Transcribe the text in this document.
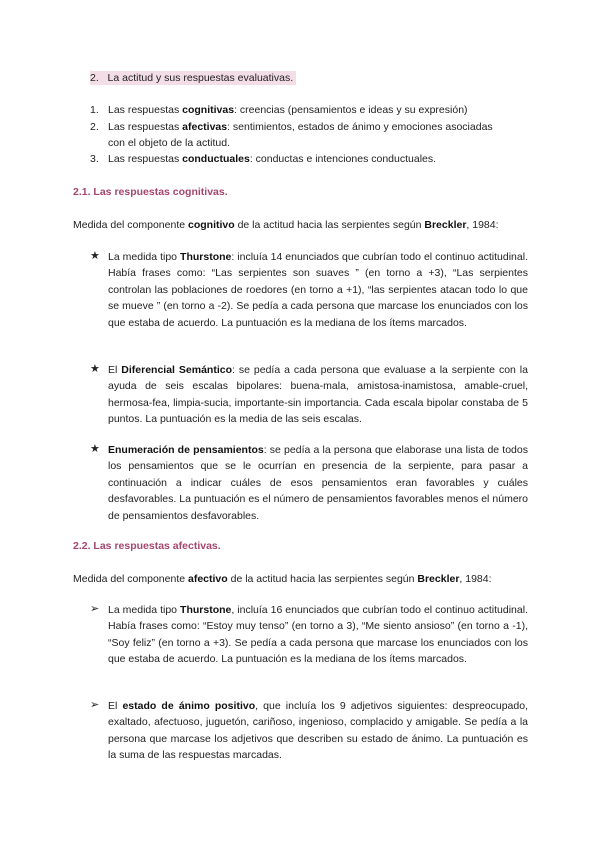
2. La actitud y sus respuestas evaluativas.
1. Las respuestas cognitivas: creencias (pensamientos e ideas y su expresión)
2. Las respuestas afectivas: sentimientos, estados de ánimo y emociones asociadas
con el objeto de la actitud.
3. Las respuestas conductuales: conductas e intenciones conductuales.
2.1. Las respuestas cognitivas.
Medida del componente cognitivo de la actitud hacia las serpientes según Breckler, 1984:
★ La medida tipo Thurstone: incluía 14 enunciados que cubrían todo el continuo actitudinal. Había frases como: “Las serpientes son suaves ” (en torno a +3), “Las serpientes controlan las poblaciones de roedores (en torno a +1), “las serpientes atacan todo lo que se mueve ” (en torno a -2). Se pedía a cada persona que marcase los enunciados con los que estaba de acuerdo. La puntuación es la mediana de los ítems marcados.
★ El Diferencial Semántico: se pedía a cada persona que evaluase a la serpiente con la ayuda de seis escalas bipolares: buena-mala, amistosa-inamistosa, amable-cruel, hermosa-fea, limpia-sucia, importante-sin importancia. Cada escala bipolar constaba de 5 puntos. La puntuación es la media de las seis escalas.
★ Enumeración de pensamientos: se pedía a la persona que elaborase una lista de todos los pensamientos que se le ocurrían en presencia de la serpiente, para pasar a continuación a indicar cuáles de esos pensamientos eran favorables y cuáles desfavorables. La puntuación es el número de pensamientos favorables menos el número de pensamientos desfavorables.
2.2. Las respuestas afectivas.
Medida del componente afectivo de la actitud hacia las serpientes según Breckler, 1984:
➢ La medida tipo Thurstone, incluía 16 enunciados que cubrían todo el continuo actitudinal. Había frases como: “Estoy muy tenso” (en torno a 3), “Me siento ansioso” (en torno a -1), “Soy feliz” (en torno a +3). Se pedía a cada persona que marcase los enunciados con los que estaba de acuerdo. La puntuación es la mediana de los ítems marcados.
➢ El estado de ánimo positivo, que incluía los 9 adjetivos siguientes: despreocupado, exaltado, afectuoso, juguetón, cariñoso, ingenioso, complacido y amigable. Se pedía a la persona que marcase los adjetivos que describen su estado de ánimo. La puntuación es la suma de las respuestas marcadas.
